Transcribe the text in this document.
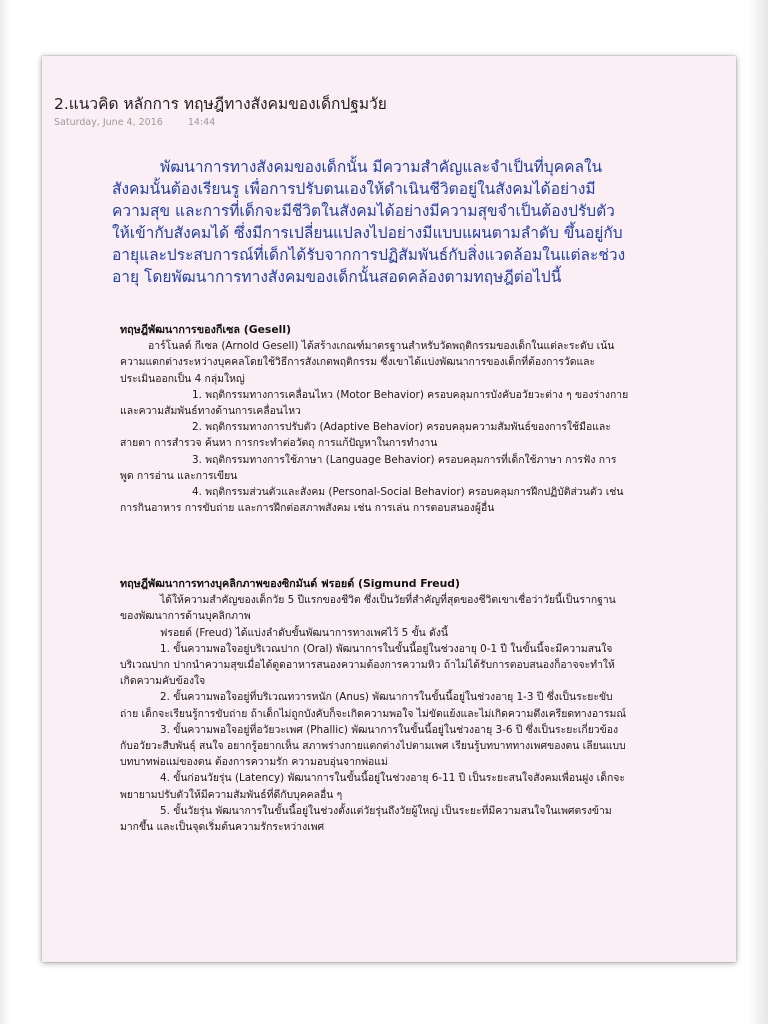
2.แนวคิด หลักการ ทฤษฎีทางสังคมของเด็กปฐมวัย
Saturday, June 4, 2016	14:44

พัฒนาการทางสังคมของเด็กนั้น มีความสำคัญและจำเป็นที่บุคคลในสังคมนั้นต้องเรียนรู เพื่อการปรับตนเองให้ดำเนินชีวิตอยู่ในสังคมได้อย่างมีความสุข และการที่เด็กจะมีชีวิตในสังคมได้อย่างมีความสุขจำเป็นต้องปรับตัวให้เข้ากับสังคมได้ ซึ่งมีการเปลี่ยนแปลงไปอย่างมีแบบแผนตามลำดับ ขึ้นอยู่กับอายุและประสบการณ์ที่เด็กได้รับจากการปฏิสัมพันธ์กับสิ่งแวดล้อมในแต่ละช่วงอายุ โดยพัฒนาการทางสังคมของเด็กนั้นสอดคล้องตามทฤษฎีต่อไปนี้

ทฤษฎีพัฒนาการของกีเซล (Gesell)

อาร์โนลด์ กีเซล (Arnold Gesell) ได้สร้างเกณฑ์มาตรฐานสำหรับวัดพฤติกรรมของเด็กในแต่ละระดับ เน้นความแตกต่างระหว่างบุคคลโดยใช้วิธีการสังเกตพฤติกรรม ซึ่งเขาได้แบ่งพัฒนาการของเด็กที่ต้องการวัดและประเมินออกเป็น 4 กลุ่มใหญ่

1. พฤติกรรมทางการเคลื่อนไหว (Motor Behavior) ครอบคลุมการบังคับอวัยวะต่าง ๆ ของร่างกายและความสัมพันธ์ทางด้านการเคลื่อนไหว

2. พฤติกรรมทางการปรับตัว (Adaptive Behavior) ครอบคลุมความสัมพันธ์ของการใช้มือและสายตา การสำรวจ ค้นหา การกระทำต่อวัตถุ การแก้ปัญหาในการทำงาน

3. พฤติกรรมทางการใช้ภาษา (Language Behavior) ครอบคลุมการที่เด็กใช้ภาษา การฟัง การพูด การอ่าน และการเขียน

4. พฤติกรรมส่วนตัวและสังคม (Personal-Social Behavior) ครอบคลุมการฝึกปฏิบัติส่วนตัว เช่น การกินอาหาร การขับถ่าย และการฝึกต่อสภาพสังคม เช่น การเล่น การตอบสนองผู้อื่น

ทฤษฎีพัฒนาการทางบุคลิกภาพของซิกมันด์ ฟรอยด์ (Sigmund Freud)

ได้ให้ความสำคัญของเด็กวัย 5 ปีแรกของชีวิต ซึ่งเป็นวัยที่สำคัญที่สุดของชีวิตเขาเชื่อว่าวัยนี้เป็นรากฐานของพัฒนาการด้านบุคลิกภาพ

ฟรอยด์ (Freud) ได้แบ่งลำดับขั้นพัฒนาการทางเพศไว้ 5 ขั้น ดังนี้

1. ขั้นความพอใจอยู่บริเวณปาก (Oral) พัฒนาการในขั้นนี้อยู่ในช่วงอายุ 0-1 ปี ในขั้นนี้จะมีความสนใจบริเวณปาก ปากนำความสุขเมื่อได้ดูดอาหารสนองความต้องการความหิว ถ้าไม่ได้รับการตอบสนองก็อาจจะทำให้เกิดความคับข้องใจ

2. ขั้นความพอใจอยู่ที่บริเวณทวารหนัก (Anus) พัฒนาการในขั้นนี้อยู่ในช่วงอายุ 1-3 ปี ซึ่งเป็นระยะขับถ่าย เด็กจะเรียนรู้การขับถ่าย ถ้าเด็กไม่ถูกบังคับก็จะเกิดความพอใจ ไม่ขัดแย้งและไม่เกิดความตึงเครียดทางอารมณ์

3. ขั้นความพอใจอยู่ที่อวัยวะเพศ (Phallic) พัฒนาการในขั้นนี้อยู่ในช่วงอายุ 3-6 ปี ซึ่งเป็นระยะเกี่ยวข้องกับอวัยวะสืบพันธุ์ สนใจ อยากรู้อยากเห็น สภาพร่างกายแตกต่างไปตามเพศ เรียนรู้บทบาททางเพศของตน เลียนแบบบทบาทพ่อแม่ของตน ต้องการความรัก ความอบอุ่นจากพ่อแม่

4. ขั้นก่อนวัยรุ่น (Latency) พัฒนาการในขั้นนี้อยู่ในช่วงอายุ 6-11 ปี เป็นระยะสนใจสังคมเพื่อนฝูง เด็กจะพยายามปรับตัวให้มีความสัมพันธ์ที่ดีกับบุคคลอื่น ๆ

5. ขั้นวัยรุ่น พัฒนาการในขั้นนี้อยู่ในช่วงตั้งแต่วัยรุ่นถึงวัยผู้ใหญ่ เป็นระยะที่มีความสนใจในเพศตรงข้ามมากขึ้น และเป็นจุดเริ่มต้นความรักระหว่างเพศ
